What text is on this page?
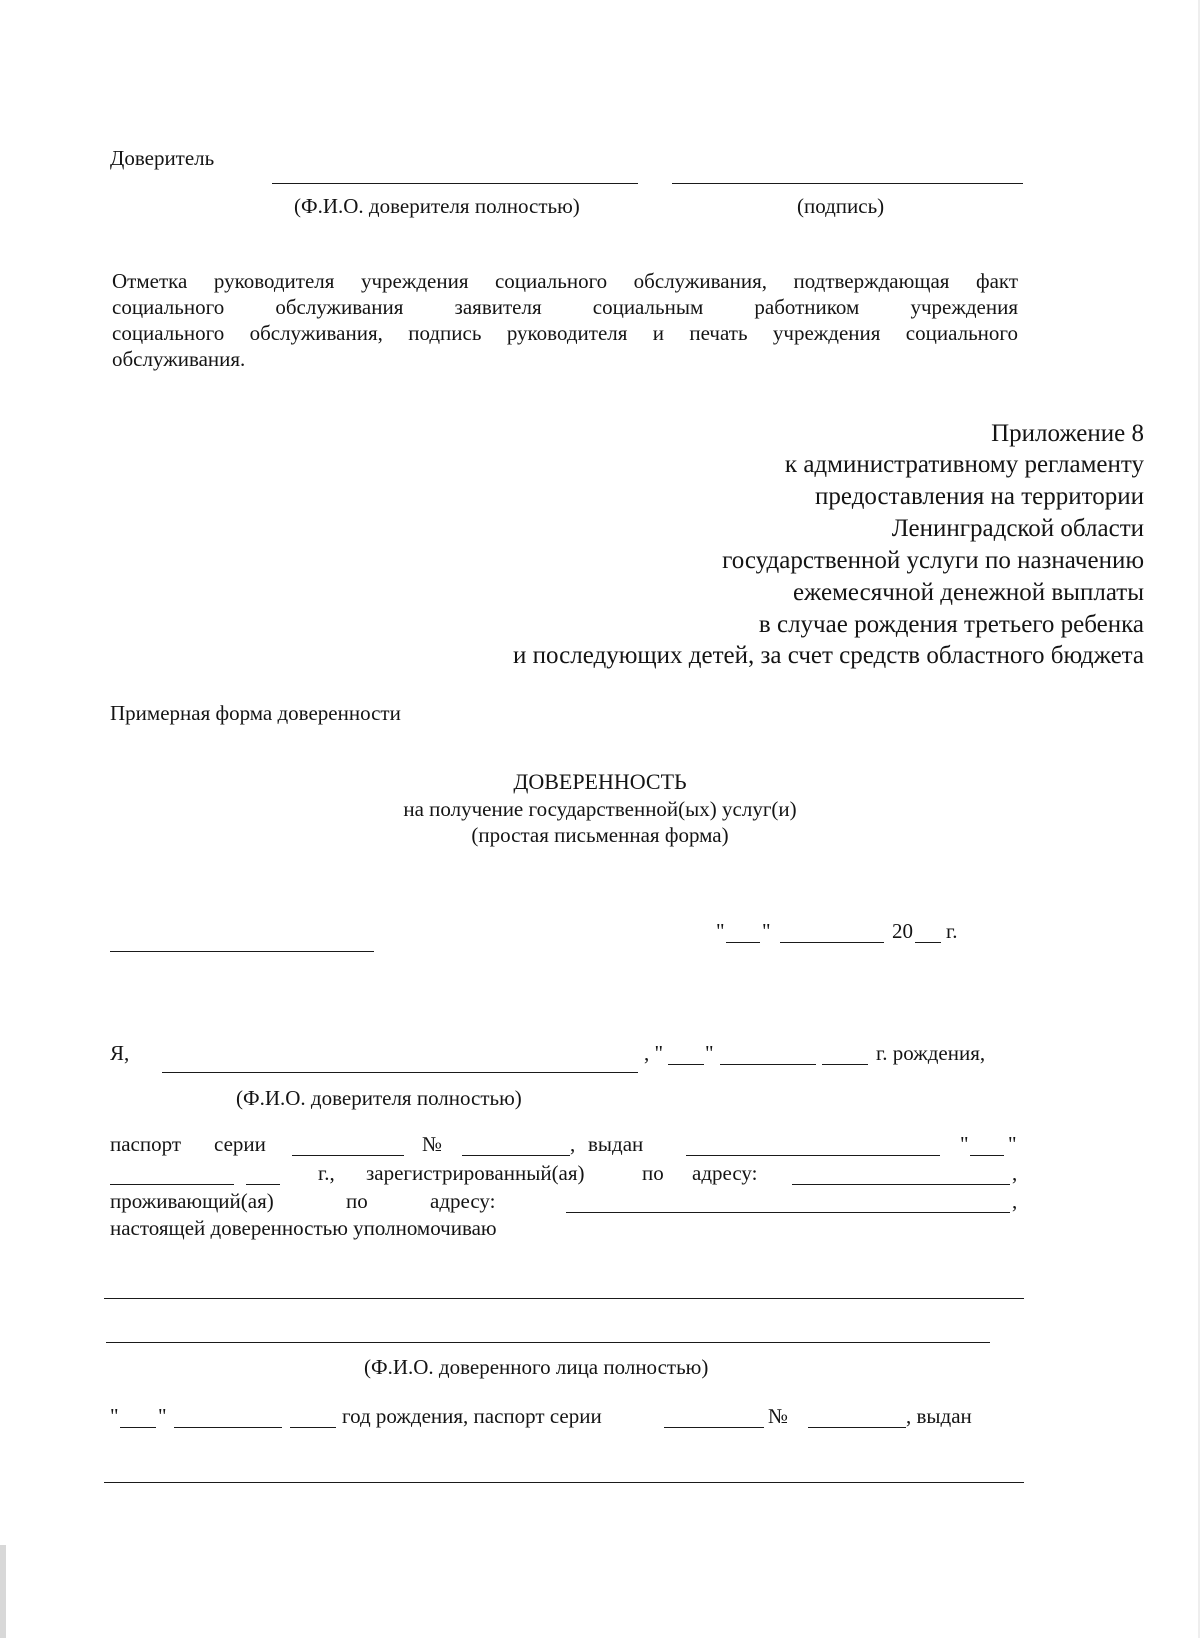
Доверитель
(Ф.И.О. доверителя полностью)	(подпись)
Отметка руководителя учреждения социального обслуживания, подтверждающая факт
социального обслуживания заявителя социальным работником учреждения
социального обслуживания, подпись руководителя и печать учреждения социального
обслуживания.
Приложение 8
к административному регламенту
предоставления на территории
Ленинградской области
государственной услуги по назначению
ежемесячной денежной выплаты
в случае рождения третьего ребенка
и последующих детей, за счет средств областного бюджета
Примерная форма доверенности
ДОВЕРЕННОСТЬ
на получение государственной(ых) услуг(и)
(простая письменная форма)
" "	20 г.
Я,	, " "	г. рождения,
(Ф.И.О. доверителя полностью)
паспорт серии	№	, выдан	" "
г., зарегистрированный(ая)	по адресу:	,
проживающий(ая)	по	адресу:	,
настоящей доверенностью уполномочиваю
(Ф.И.О. доверенного лица полностью)
" "	год рождения, паспорт серии	№	, выдан
